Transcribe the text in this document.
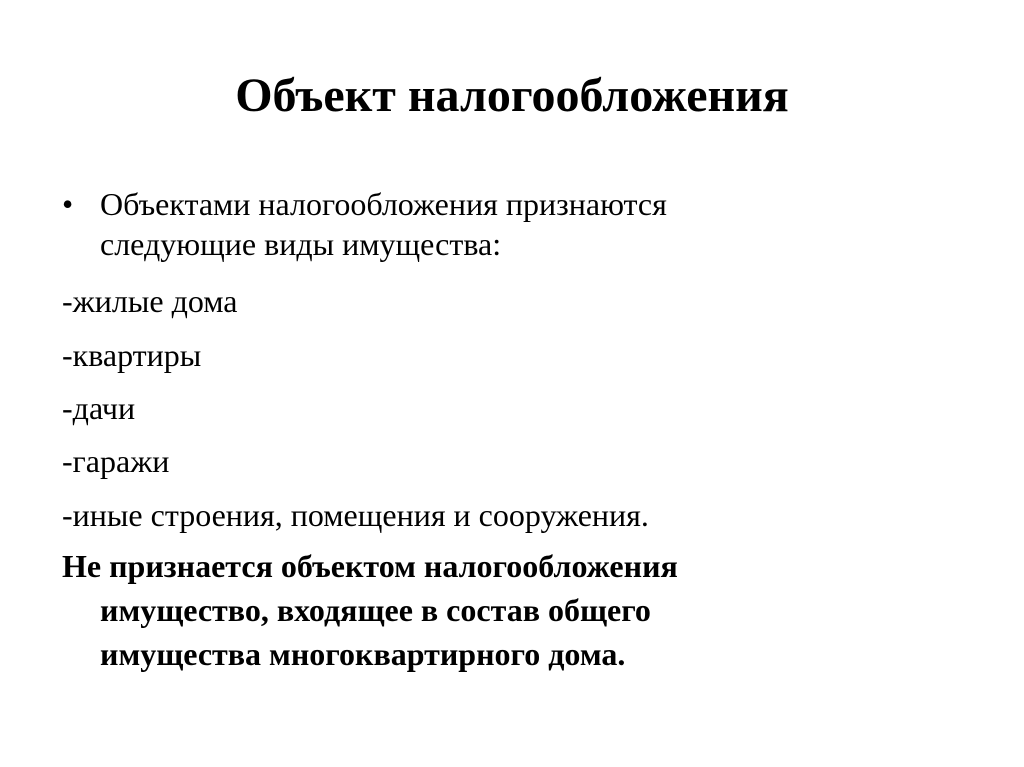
Объект налогообложения
• Объектами налогообложения признаются
следующие виды имущества:
-жилые дома
-квартиры
-дачи
-гаражи
-иные строения, помещения и сооружения.
Не признается объектом налогообложения
имущество, входящее в состав общего
имущества многоквартирного дома.
